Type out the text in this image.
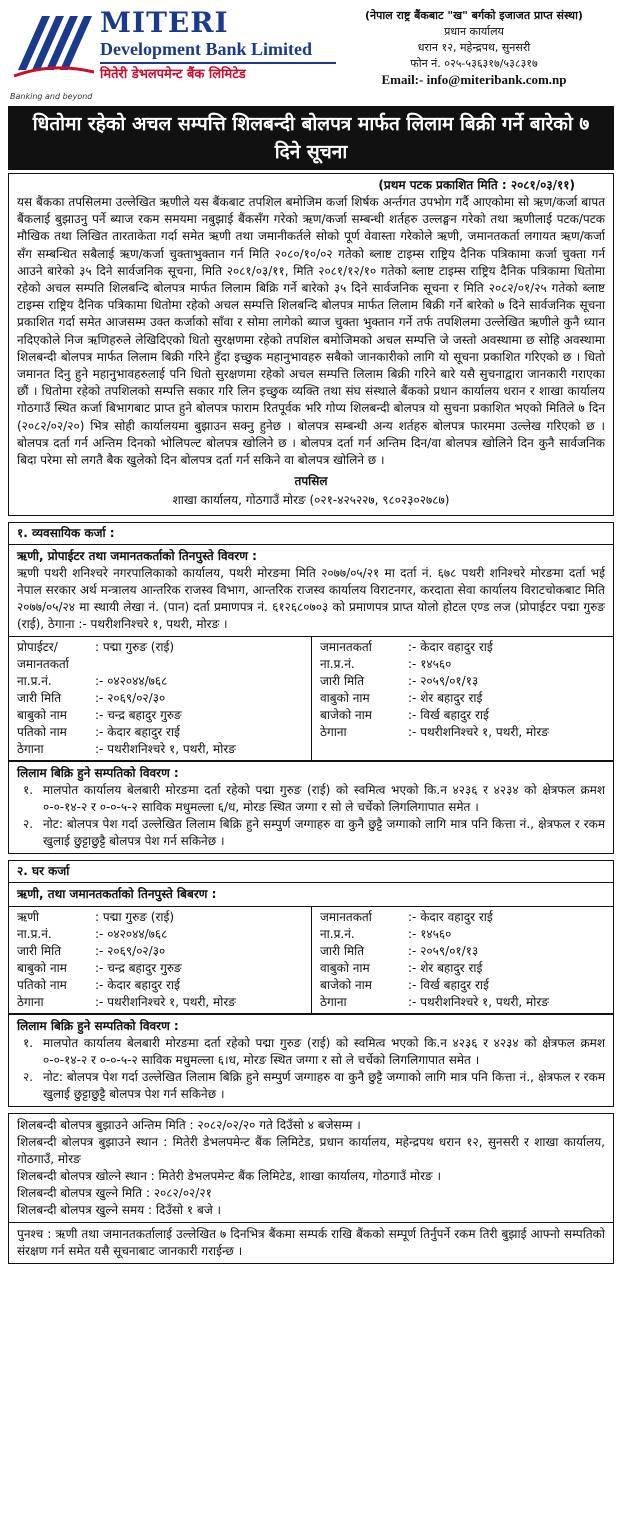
Banking and beyond
MITERI
Development Bank Limited
मितेरी डेभलपमेन्ट बैंक लिमिटेड
(नेपाल राष्ट्र बैंकबाट "ख" बर्गको इजाजत प्राप्त संस्था)
प्रधान कार्यालय
धरान १२, महेन्द्रपथ, सुनसरी
फोन नं. ०२५-५३६३१७/५३८३१७
Email:- info@miteribank.com.np
धितोमा रहेको अचल सम्पत्ति शिलबन्दी बोलपत्र मार्फत लिलाम बिक्री गर्ने बारेको ७ दिने सूचना
(प्रथम पटक प्रकाशित मिति : २०८१/०३/११)
यस बैंकका तपसिलमा उल्लेखित ऋणीले यस बैंकबाट तपशिल बमोजिम कर्जा शिर्षक अर्न्तगत उपभोग गर्दै आएकोमा सो ऋण/कर्जा बापत बैंकलाई बुझाउनु पर्ने ब्याज रकम समयमा नबुझाई बैंकसँग गरेको ऋण/कर्जा सम्बन्धी शर्तहरु उल्लङ्घन गरेको तथा ऋणीलाई पटक/पटक मौखिक तथा लिखित तारताकेता गर्दा समेत ऋणी तथा जमानीकर्तले सोको पूर्ण वेवास्ता गरेकोले ऋणी, जमानतकर्ता लगायत ऋण/कर्जा सँग सम्बन्धित सबैलाई ऋण/कर्जा चुक्ताभुक्तान गर्न मिति २०८०/१०/०२ गतेको ब्लाष्ट टाइम्स राष्ट्रिय दैनिक पत्रिकामा कर्जा चुक्ता गर्न आउने बारेको ३५ दिने सार्वजनिक सूचना, मिति २०८१/०३/११, मिति २०८१/१२/१० गतेको ब्लाष्ट टाइम्स राष्ट्रिय दैनिक पत्रिकामा धितोमा रहेको अचल सम्पति शिलबन्दि बोलपत्र मार्फत लिलाम बिक्रि गर्ने बारेको ३५ दिने सार्वजनिक सूचना र मिति २०८२/०१/२५ गतेको ब्लाष्ट टाइम्स राष्ट्रिय दैनिक पत्रिकामा धितोमा रहेको अचल सम्पत्ति शिलबन्दि बोलपत्र मार्फत लिलाम बिक्री गर्ने बारेको ७ दिने सार्वजनिक सूचना प्रकाशित गर्दा समेत आजसम्म उक्त कर्जाको साँवा र सोमा लागेको ब्याज चुक्ता भुक्तान गर्ने तर्फ तपशिलमा उल्लेखित ऋणीले कुनै ध्यान नदिएकोले निज ऋणिहरुले लेखिदिएको धितो सुरक्षणमा रहेको तपशिल बमोजिमको अचल सम्पत्ति जे जस्तो अवस्थामा छ सोहि अवस्थामा शिलबन्दी बोलपत्र मार्फत लिलाम बिक्री गरिने हुँदा इच्छुक महानुभावहरु सबैको जानकारीको लागि यो सूचना प्रकाशित गरिएको छ । धितो जमानत दिनु हुने महानुभावहरुलाई पनि धितो सुरक्षणमा रहेको अचल सम्पत्ति लिलाम बिक्री गरिने बारे यसै सुचनाद्वारा जानकारी गराएका छौं । धितोमा रहेको तपशिलको सम्पत्ति सकार गरि लिन इच्छुक व्यक्ति तथा संघ संस्थाले बैंकको प्रधान कार्यालय धरान र शाखा कार्यालय गोठगाउँ स्थित कर्जा बिभागबाट प्राप्त हुने बोलपत्र फाराम रितपूर्वक भरि गोप्य शिलबन्दी बोलपत्र यो सुचना प्रकाशित भएको मितिले ७ दिन (२०८२/०२/२०) भित्र सोही कार्यालयमा बुझाउन सक्नु हुनेछ । बोलपत्र सम्बन्धी अन्य शर्तहरु बोलपत्र फारममा उल्लेख गरिएको छ । बोलपत्र दर्ता गर्न अन्तिम दिनको भोलिपल्ट बोलपत्र खोलिने छ । बोलपत्र दर्ता गर्न अन्तिम दिन/वा बोलपत्र खोलिने दिन कुनै सार्वजनिक बिदा परेमा सो लगतै बैक खुलेको दिन बोलपत्र दर्ता गर्न सकिने वा बोलपत्र खोलिने छ ।
तपसिल
शाखा कार्यालय, गोठगाउँ मोरङ (०२१-४२५२२७, ९८०२३०२७८७)
१. व्यवसायिक कर्जा :
ऋणी, प्रोपाईटर तथा जमानतकर्ताको तिनपुस्ते विवरण :
ऋणी पथरी शनिश्चरे नगरपालिकाको कार्यालय, पथरी मोरङमा मिति २०७७/०५/२१ मा दर्ता नं. ६७८ पथरी शनिश्चरे मोरङमा दर्ता भई नेपाल सरकार अर्थ मन्त्रालय आन्तरिक राजस्व विभाग, आन्तरिक राजस्व कार्यालय विराटनगर, करदाता सेवा कार्यालय विराटचोकबाट मिति २०७७/०५/२४ मा स्थायी लेखा नं. (पान) दर्ता प्रमाणपत्र नं. ६१२६८०७०३ को प्रमाणपत्र प्राप्त योलो होटल एण्ड लज (प्रोपाईटर पद्मा गुरुङ (राई), ठेगाना :- पथरीशनिश्चरे १, पथरी, मोरङ ।
प्रोपाईटर/जमानतकर्ता
: पद्मा गुरुङ (राई)
ना.प्र.नं.	:- ०४२०४४/७६८
जारी मिति	:- २०६९/०२/३०
बाबुको नाम	:- चन्द्र बहादुर गुरुङ
पतिको नाम	:- केदार बहादुर राई
ठेगाना	:- पथरीशनिश्चरे १, पथरी, मोरङ
जमानतकर्ता	:- केदार वहादुर राई
ना.प्र.नं.	:- १४५६०
जारी मिति	:- २०५९/०१/१३
वाबुको नाम	:- शेर बहादुर राई
बाजेको नाम	:- विर्ख बहादुर राई
ठेगाना	:- पथरीशनिश्चरे १, पथरी, मोरङ
लिलाम बिक्रि हुने सम्पतिको विवरण :
१. मालपोत कार्यालय बेलबारी मोरङमा दर्ता रहेको पद्मा गुरुङ (राई) को स्वमित्व भएको कि.न ४२३६ र ४२३४ को क्षेत्रफल क्रमश ०-०-१४-२ र ०-०-५-२ साविक मधुमल्ला ६/ध, मोरङ स्थित जग्गा र सो ले चर्चेको लिगलिगापात समेत ।
२. नोट: बोलपत्र पेश गर्दा उल्लेखित लिलाम बिक्रि हुने सम्पुर्ण जग्गाहरु वा कुनै छुट्टै जग्गाको लागि मात्र पनि कित्ता नं., क्षेत्रफल र रकम खुलाई छुट्टाछुट्टै बोलपत्र पेश गर्न सकिनेछ ।
२. घर कर्जा
ऋणी, तथा जमानतकर्ताको तिनपुस्ते बिबरण :
ऋणी	: पद्मा गुरुङ (राई)
ना.प्र.नं.	:- ०४२०४४/७६८
जारी मिति	:- २०६९/०२/३०
बाबुको नाम	:- चन्द्र बहादुर गुरुङ
पतिको नाम	:- केदार बहादुर राई
ठेगाना	:- पथरीशनिश्चरे १, पथरी, मोरङ
जमानतकर्ता	:- केदार वहादुर राई
ना.प्र.नं.	:- १४५६०
जारी मिति	:- २०५९/०१/१३
वाबुको नाम	:- शेर बहादुर राई
बाजेको नाम	:- विर्ख बहादुर राई
ठेगाना	:- पथरीशनिश्चरे १, पथरी, मोरङ
लिलाम बिक्रि हुने सम्पतिको विवरण :
१. मालपोत कार्यालय बेलबारी मोरङमा दर्ता रहेको पद्मा गुरुङ (राई) को स्वमित्व भएको कि.न ४२३६ र ४२३४ को क्षेत्रफल क्रमश ०-०-१४-२ र ०-०-५-२ साविक मधुमल्ला ६।ध, मोरङ स्थित जग्गा र सो ले चर्चेको लिगलिगापात समेत ।
२. नोट: बोलपत्र पेश गर्दा उल्लेखित लिलाम बिक्रि हुने सम्पुर्ण जग्गाहरु वा कुनै छुट्टै जग्गाको लागि मात्र पनि कित्ता नं., क्षेत्रफल र रकम खुलाई छुट्टाछुट्टै बोलपत्र पेश गर्न सकिनेछ ।
शिलबन्दी बोलपत्र बुझाउने अन्तिम मिति : २०८२/०२/२० गते दिउँसो ४ बजेसम्म ।
शिलबन्दी बोलपत्र बुझाउने स्थान : मितेरी डेभलपमेन्ट बैंक लिमिटेड, प्रधान कार्यालय, महेन्द्रपथ धरान १२, सुनसरी र शाखा कार्यालय, गोठगाउँ, मोरङ
शिलबन्दी बोलपत्र खोल्ने स्थान : मितेरी डेभलपमेन्ट बैंक लिमिटेड, शाखा कार्यालय, गोठगाउँ मोरङ ।
शिलबन्दी बोलपत्र खुल्ने मिति : २०८२/०२/२१
शिलबन्दी बोलपत्र खुल्ने समय : दिउँसो १ बजे ।
पुनश्च : ऋणी तथा जमानतकर्तालाई उल्लेखित ७ दिनभित्र बैंकमा सम्पर्क राखि बैंकको सम्पूर्ण तिर्नुपर्ने रकम तिरी बुझाई आफ्नो सम्पतिको संरक्षण गर्न समेत यसै सूचनाबाट जानकारी गराईन्छ ।
